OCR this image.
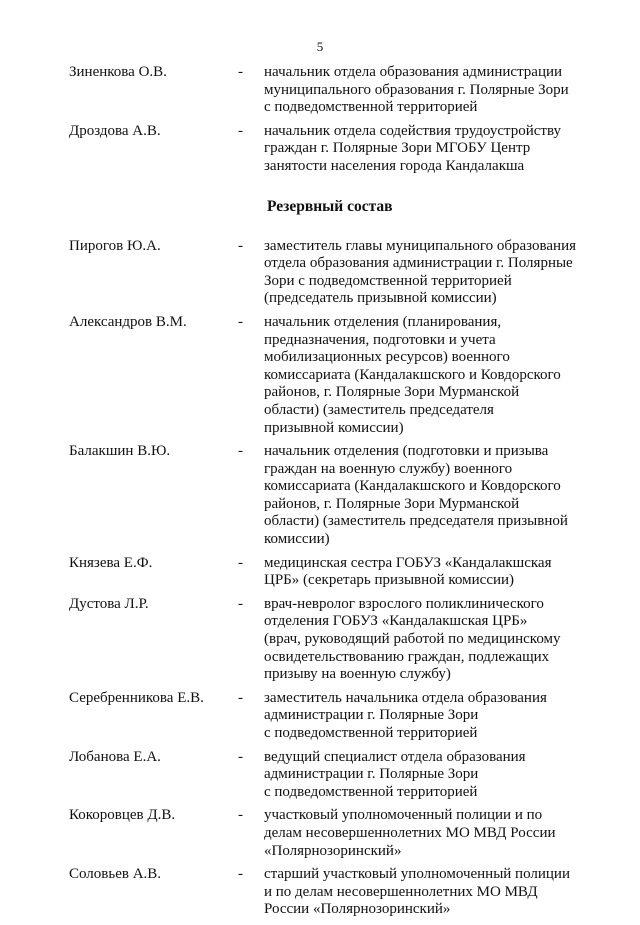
5
Зиненкова О.В.	-	начальник отдела образования администрации
муниципального образования г. Полярные Зори
с подведомственной территорией
Дроздова А.В.	-	начальник отдела содействия трудоустройству
граждан г. Полярные Зори МГОБУ Центр
занятости населения города Кандалакша
Резервный состав
Пирогов Ю.А.	-	заместитель главы муниципального образования
отдела образования администрации г. Полярные
Зори с подведомственной территорией
(председатель призывной комиссии)
Александров В.М.	-	начальник отделения (планирования,
предназначения, подготовки и учета
мобилизационных ресурсов) военного
комиссариата (Кандалакшского и Ковдорского
районов, г. Полярные Зори Мурманской
области) (заместитель председателя
призывной комиссии)
Балакшин В.Ю.	-	начальник отделения (подготовки и призыва
граждан на военную службу) военного
комиссариата (Кандалакшского и Ковдорского
районов, г. Полярные Зори Мурманской
области) (заместитель председателя призывной
комиссии)
Князева Е.Ф.	-	медицинская сестра ГОБУЗ «Кандалакшская
ЦРБ» (секретарь призывной комиссии)
Дустова Л.Р.	-	врач-невролог взрослого поликлинического
отделения ГОБУЗ «Кандалакшская ЦРБ»
(врач, руководящий работой по медицинскому
освидетельствованию граждан, подлежащих
призыву на военную службу)
Серебренникова Е.В.	-	заместитель начальника отдела образования
администрации г. Полярные Зори
с подведомственной территорией
Лобанова Е.А.	-	ведущий специалист отдела образования
администрации г. Полярные Зори
с подведомственной территорией
Кокоровцев Д.В.	-	участковый уполномоченный полиции и по
делам несовершеннолетних МО МВД России
«Полярнозоринский»
Соловьев А.В.	-	старший участковый уполномоченный полиции
и по делам несовершеннолетних МО МВД
России «Полярнозоринский»
